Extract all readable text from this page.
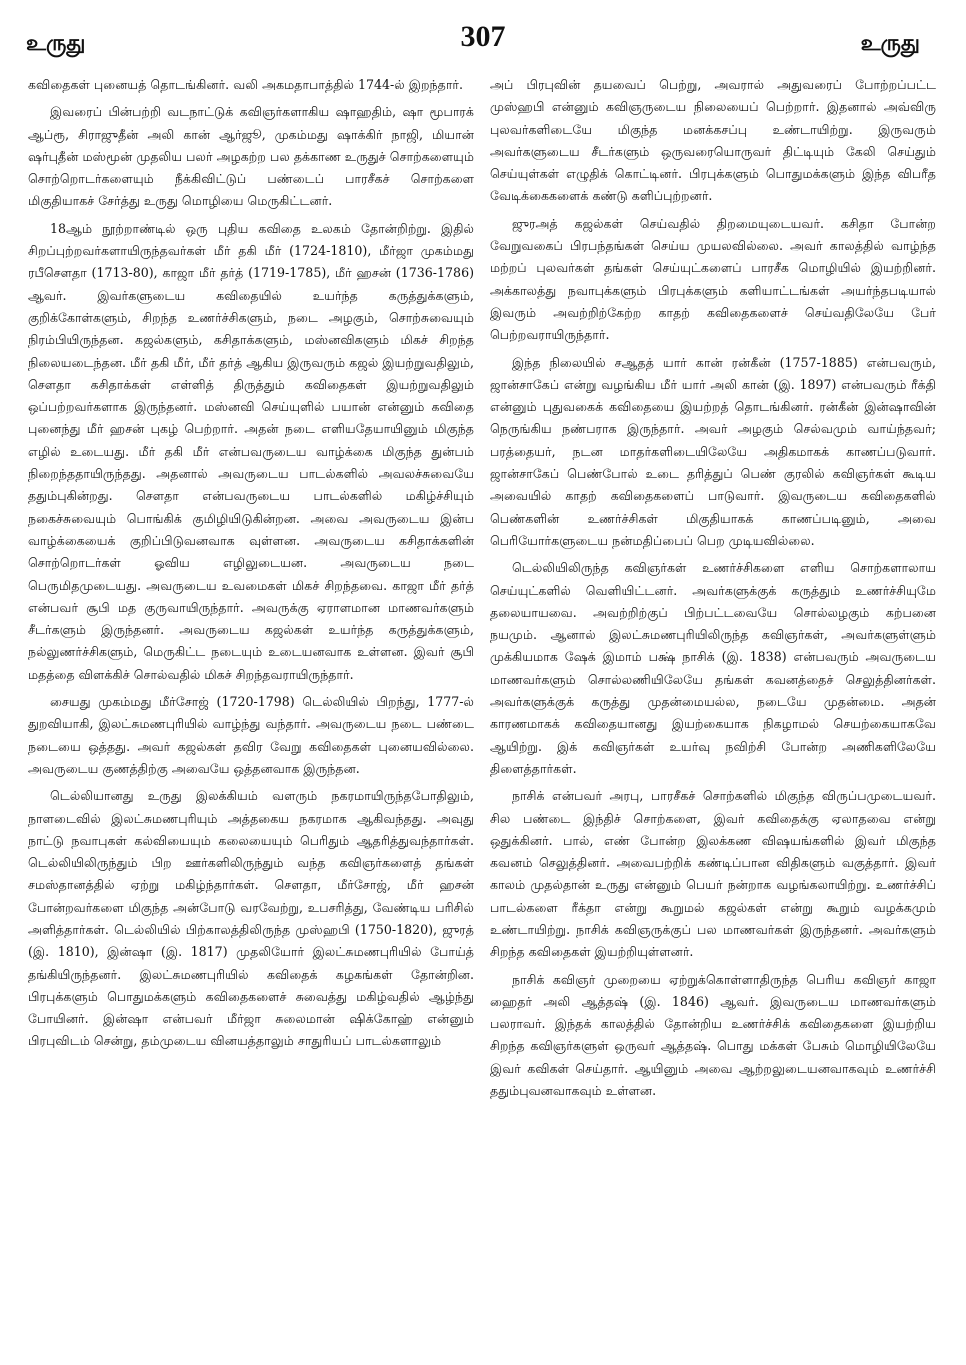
உருது	307	உருது

கவிதைகள் புனையத் தொடங்கினர். வலி அகமதாபாத்தில் 1744-ல் இறந்தார்.

இவரைப் பின்பற்றி வடநாட்டுக் கவிஞர்களாகிய ஷாஹதிம், ஷா மூபாரக் ஆப்ரூ, சிராஜுதீன் அலி கான் ஆர்ஜூ, முகம்மது ஷாக்கிர் நாஜி, மியான் ஷர்புதீன் மஸ்மூன் முதலிய பலர் அழகற்ற பல தக்காண உருதுச் சொற்களையும் சொற்றொடர்களையும் நீக்கிவிட்டுப் பண்டைப் பாரசீகச் சொற்களை மிகுதியாகச் சேர்த்து உருது மொழியை மெருகிட்டனர்.

18ஆம் நூற்றாண்டில் ஒரு புதிய கவிதை உலகம் தோன்றிற்று. இதில் சிறப்புற்றவர்களாயிருந்தவர்கள் மீர் தகி மீர் (1724-1810), மீர்ஜா முகம்மது ரபீசௌதா (1713-80), காஜா மீர் தர்த் (1719-1785), மீர் ஹசன் (1736-1786) ஆவர். இவர்களுடைய கவிதையில் உயர்ந்த கருத்துக்களும், குறிக்கோள்களும், சிறந்த உணர்ச்சிகளும், நடை அழகும், சொற்சுவையும் நிரம்பியிருந்தன. கஜல்களும், கசிதாக்களும், மஸ்னவிகளும் மிகச் சிறந்த நிலையடைந்தன. மீர் தகி மீர், மீர் தர்த் ஆகிய இருவரும் கஜல் இயற்றுவதிலும், சௌதா கசிதாக்கள் எள்ளித் திருத்தும் கவிதைகள் இயற்றுவதிலும் ஒப்பற்றவர்களாக இருந்தனர். மஸ்னவி செய்யுளில் பயான் என்னும் கவிதை புனைந்து மீர் ஹசன் புகழ் பெற்றார். அதன் நடை எளியதேயாயினும் மிகுந்த எழில் உடையது. மீர் தகி மீர் என்பவருடைய வாழ்க்கை மிகுந்த துன்பம் நிறைந்ததாயிருந்தது. அதனால் அவருடைய பாடல்களில் அவலச்சுவையே ததும்புகின்றது. சௌதா என்பவருடைய பாடல்களில் மகிழ்ச்சியும் நகைச்சுவையும் பொங்கிக் குமிழியிடுகின்றன. அவை அவருடைய இன்ப வாழ்க்கையைக் குறிப்பிடுவனவாக வுள்ளன. அவருடைய கசிதாக்களின் சொற்றொடர்கள் ஓவிய எழிலுடையன. அவருடைய நடை பெருமிதமுடையது. அவருடைய உவமைகள் மிகச் சிறந்தவை. காஜா மீர் தர்த் என்பவர் சூபி மத குருவாயிருந்தார். அவருக்கு ஏராளமான மாணவர்களும் சீடர்களும் இருந்தனர். அவருடைய கஜல்கள் உயர்ந்த கருத்துக்களும், நல்லுணர்ச்சிகளும், மெருகிட்ட நடையும் உடையனவாக உள்ளன. இவர் சூபி மதத்தை விளக்கிச் சொல்வதில் மிகச் சிறந்தவராயிருந்தார்.

சையது முகம்மது மீர்சோஜ் (1720-1798) டெல்லியில் பிறந்து, 1777-ல் துறவியாகி, இலட்சுமணபுரியில் வாழ்ந்து வந்தார். அவருடைய நடை பண்டை நடையை ஒத்தது. அவர் கஜல்கள் தவிர வேறு கவிதைகள் புனையவில்லை. அவருடைய குணத்திற்கு அவையே ஒத்தனவாக இருந்தன.

டெல்லியானது உருது இலக்கியம் வளரும் நகரமாயிருந்தபோதிலும், நாளடைவில் இலட்சுமணபுரியும் அத்தகைய நகரமாக ஆகிவந்தது. அவுது நாட்டு நவாபுகள் கல்வியையும் கலையையும் பெரிதும் ஆதரித்துவந்தார்கள். டெல்லியிலிருந்தும் பிற ஊர்களிலிருந்தும் வந்த கவிஞர்களைத் தங்கள் சமஸ்தானத்தில் ஏற்று மகிழ்ந்தார்கள். சௌதா, மீர்சோஜ், மீர் ஹசன் போன்றவர்களை மிகுந்த அன்போடு வரவேற்று, உபசரித்து, வேண்டிய பரிசில் அளித்தார்கள். டெல்லியில் பிற்காலத்திலிருந்த முஸ்ஹபி (1750-1820), ஜுரத் (இ. 1810), இன்ஷா (இ. 1817) முதலியோர் இலட்சுமணபுரியில் போய்த் தங்கியிருந்தனர். இலட்சுமணபுரியில் கவிதைக் கழகங்கள் தோன்றின. பிரபுக்களும் பொதுமக்களும் கவிதைகளைச் சுவைத்து மகிழ்வதில் ஆழ்ந்து போயினர். இன்ஷா என்பவர் மீர்ஜா சுலைமான் ஷிக்கோஹ் என்னும் பிரபுவிடம் சென்று, தம்முடைய வினயத்தாலும் சாதுரியப் பாடல்களாலும்

அப் பிரபுவின் தயவைப் பெற்று, அவரால் அதுவரைப் போற்றப்பட்ட முஸ்ஹபி என்னும் கவிஞருடைய நிலையைப் பெற்றார். இதனால் அவ்விரு புலவர்களிடையே மிகுந்த மனக்கசப்பு உண்டாயிற்று. இருவரும் அவர்களுடைய சீடர்களும் ஒருவரையொருவர் திட்டியும் கேலி செய்தும் செய்யுள்கள் எழுதிக் கொட்டினர். பிரபுக்களும் பொதுமக்களும் இந்த விபரீத வேடிக்கைகளைக் கண்டு களிப்புற்றனர்.

ஜுரஅத் கஜல்கள் செய்வதில் திறமையுடையவர். கசிதா போன்ற வேறுவகைப் பிரபந்தங்கள் செய்ய முயலவில்லை. அவர் காலத்தில் வாழ்ந்த மற்றப் புலவர்கள் தங்கள் செய்யுட்களைப் பாரசீக மொழியில் இயற்றினர். அக்காலத்து நவாபுக்களும் பிரபுக்களும் களியாட்டங்கள் அயர்ந்தபடியால் இவரும் அவற்றிற்கேற்ற காதற் கவிதைகளைச் செய்வதிலேயே பேர் பெற்றவராயிருந்தார்.

இந்த நிலையில் சஆதத் யார் கான் ரன்கீன் (1757-1885) என்பவரும், ஜான்சாகேப் என்று வழங்கிய மீர் யார் அலி கான் (இ. 1897) என்பவரும் ரீக்தி என்னும் புதுவகைக் கவிதையை இயற்றத் தொடங்கினர். ரன்கீன் இன்ஷாவின் நெருங்கிய நண்பராக இருந்தார். அவர் அழகும் செல்வமும் வாய்ந்தவர்; பரத்தையர், நடன மாதர்களிடையிலேயே அதிகமாகக் காணப்படுவார். ஜான்சாகேப் பெண்போல் உடை தரித்துப் பெண் குரலில் கவிஞர்கள் கூடிய அவையில் காதற் கவிதைகளைப் பாடுவார். இவருடைய கவிதைகளில் பெண்களின் உணர்ச்சிகள் மிகுதியாகக் காணப்படினும், அவை பெரியோர்களுடைய நன்மதிப்பைப் பெற முடியவில்லை.

டெல்லியிலிருந்த கவிஞர்கள் உணர்ச்சிகளை எளிய சொற்களாலாய செய்யுட்களில் வெளியிட்டனர். அவர்களுக்குக் கருத்தும் உணர்ச்சியுமே தலையாயவை. அவற்றிற்குப் பிற்பட்டவையே சொல்லழகும் கற்பனை நயமும். ஆனால் இலட்சுமணபுரியிலிருந்த கவிஞர்கள், அவர்களுள்ளும் முக்கியமாக ஷேக் இமாம் பக்ஷ் நாசிக் (இ. 1838) என்பவரும் அவருடைய மாணவர்களும் சொல்லணியிலேயே தங்கள் கவனத்தைச் செலுத்தினர்கள். அவர்களுக்குக் கருத்து முதன்மையல்ல, நடையே முதன்மை. அதன் காரணமாகக் கவிதையானது இயற்கையாக நிகழாமல் செயற்கையாகவே ஆயிற்று. இக் கவிஞர்கள் உயர்வு நவிற்சி போன்ற அணிகளிலேயே திளைத்தார்கள்.

நாசிக் என்பவர் அரபு, பாரசீகச் சொற்களில் மிகுந்த விருப்பமுடையவர். சில பண்டை இந்திச் சொற்களை, இவர் கவிதைக்கு ஏலாதவை என்று ஒதுக்கினர். பால், எண் போன்ற இலக்கண விஷயங்களில் இவர் மிகுந்த கவனம் செலுத்தினர். அவைபற்றிக் கண்டிப்பான விதிகளும் வகுத்தார். இவர் காலம் முதல்தான் உருது என்னும் பெயர் நன்றாக வழங்கலாயிற்று. உணர்ச்சிப் பாடல்களை ரீக்தா என்று கூறுமல் கஜல்கள் என்று கூறும் வழக்கமும் உண்டாயிற்று. நாசிக் கவிஞருக்குப் பல மாணவர்கள் இருந்தனர். அவர்களும் சிறந்த கவிதைகள் இயற்றியுள்ளனர்.

நாசிக் கவிஞர் முறையை ஏற்றுக்கொள்ளாதிருந்த பெரிய கவிஞர் காஜா ஹைதர் அலி ஆத்தஷ் (இ. 1846) ஆவர். இவருடைய மாணவர்களும் பலராவர். இந்தக் காலத்தில் தோன்றிய உணர்ச்சிக் கவிதைகளை இயற்றிய சிறந்த கவிஞர்களுள் ஒருவர் ஆத்தஷ். பொது மக்கள் பேசும் மொழியிலேயே இவர் கவிகள் செய்தார். ஆயினும் அவை ஆற்றலுடையனவாகவும் உணர்ச்சி ததும்புவனவாகவும் உள்ளன.
